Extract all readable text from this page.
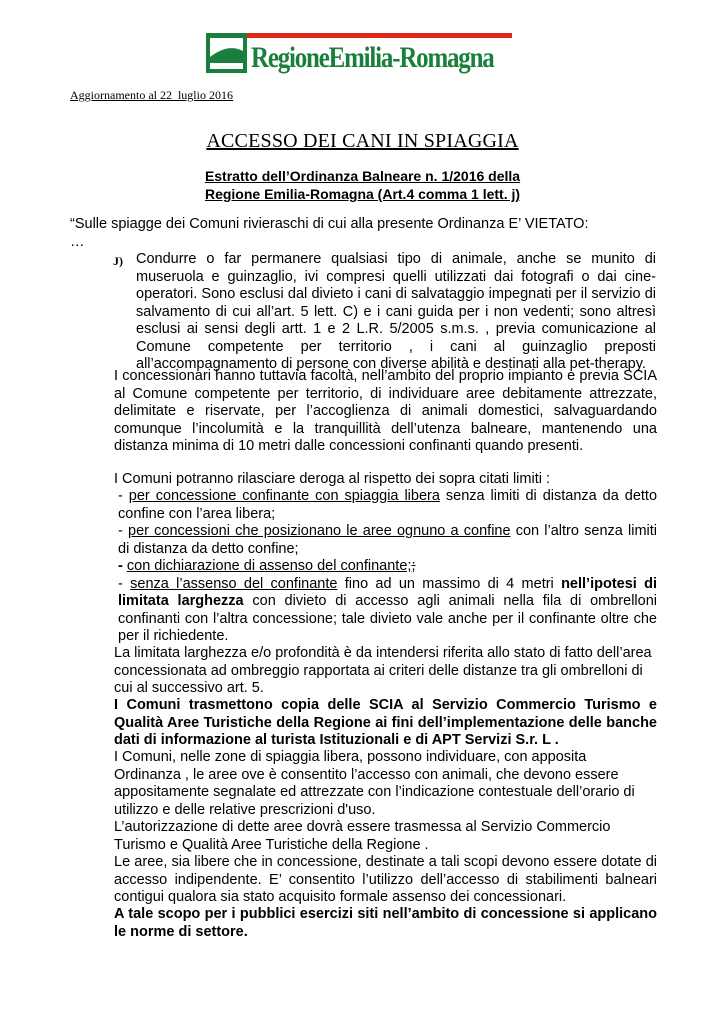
RegioneEmilia-Romagna
Aggiornamento al 22  luglio 2016
ACCESSO DEI CANI IN SPIAGGIA
Estratto dell’Ordinanza Balneare n. 1/2016 della
Regione Emilia-Romagna (Art.4 comma 1 lett. j)
“Sulle spiagge dei Comuni rivieraschi di cui alla presente Ordinanza E’ VIETATO:
…
J) Condurre o far permanere qualsiasi tipo di animale, anche se munito di museruola e guinzaglio, ivi compresi quelli utilizzati dai fotografi o dai cine-operatori. Sono esclusi dal divieto i cani di salvataggio impegnati per il servizio di salvamento di cui all’art. 5 lett. C) e i cani guida per i non vedenti; sono altresì esclusi ai sensi degli artt. 1 e 2 L.R. 5/2005 s.m.s. , previa comunicazione al Comune competente per territorio , i cani al guinzaglio preposti all’accompagnamento di persone con diverse abilità e destinati alla pet-therapy.
I concessionari hanno tuttavia facoltà, nell’ambito del proprio impianto e previa SCIA al Comune competente per territorio, di individuare aree debitamente attrezzate, delimitate e riservate, per l’accoglienza di animali domestici, salvaguardando comunque l’incolumità e la tranquillità dell’utenza balneare, mantenendo una distanza minima di 10 metri dalle concessioni confinanti quando presenti.
I Comuni potranno rilasciare deroga al rispetto dei sopra citati limiti :
- per concessione confinante con spiaggia libera senza limiti di distanza da detto confine con l’area libera;
- per concessioni che posizionano le aree ognuno a confine con l’altro senza limiti di distanza da detto confine;
- con dichiarazione di assenso del confinante;;
- senza l’assenso del confinante fino ad un massimo di 4 metri nell’ipotesi di limitata larghezza con divieto di accesso agli animali nella fila di ombrelloni confinanti con l’altra concessione; tale divieto vale anche per il confinante oltre che per il richiedente.
La limitata larghezza e/o profondità è da intendersi riferita allo stato di fatto dell’area concessionata ad ombreggio rapportata ai criteri delle distanze tra gli ombrelloni di cui al successivo art. 5.
I Comuni trasmettono copia delle SCIA al Servizio Commercio Turismo e Qualità Aree Turistiche della Regione ai fini dell’implementazione delle banche dati di informazione al turista Istituzionali e di APT Servizi S.r. L .
I Comuni, nelle zone di spiaggia libera, possono individuare, con apposita Ordinanza , le aree ove è consentito l’accesso con animali, che devono essere appositamente segnalate ed attrezzate con l’indicazione contestuale dell’orario di utilizzo e delle relative prescrizioni d'uso.
L’autorizzazione di dette aree dovrà essere trasmessa al Servizio Commercio Turismo e Qualità Aree Turistiche della Regione .
Le aree, sia libere che in concessione, destinate a tali scopi devono essere dotate di accesso indipendente. E’ consentito l’utilizzo dell’accesso di stabilimenti balneari contigui qualora sia stato acquisito formale assenso dei concessionari.
A tale scopo per i pubblici esercizi siti nell’ambito di concessione si applicano le norme di settore.
